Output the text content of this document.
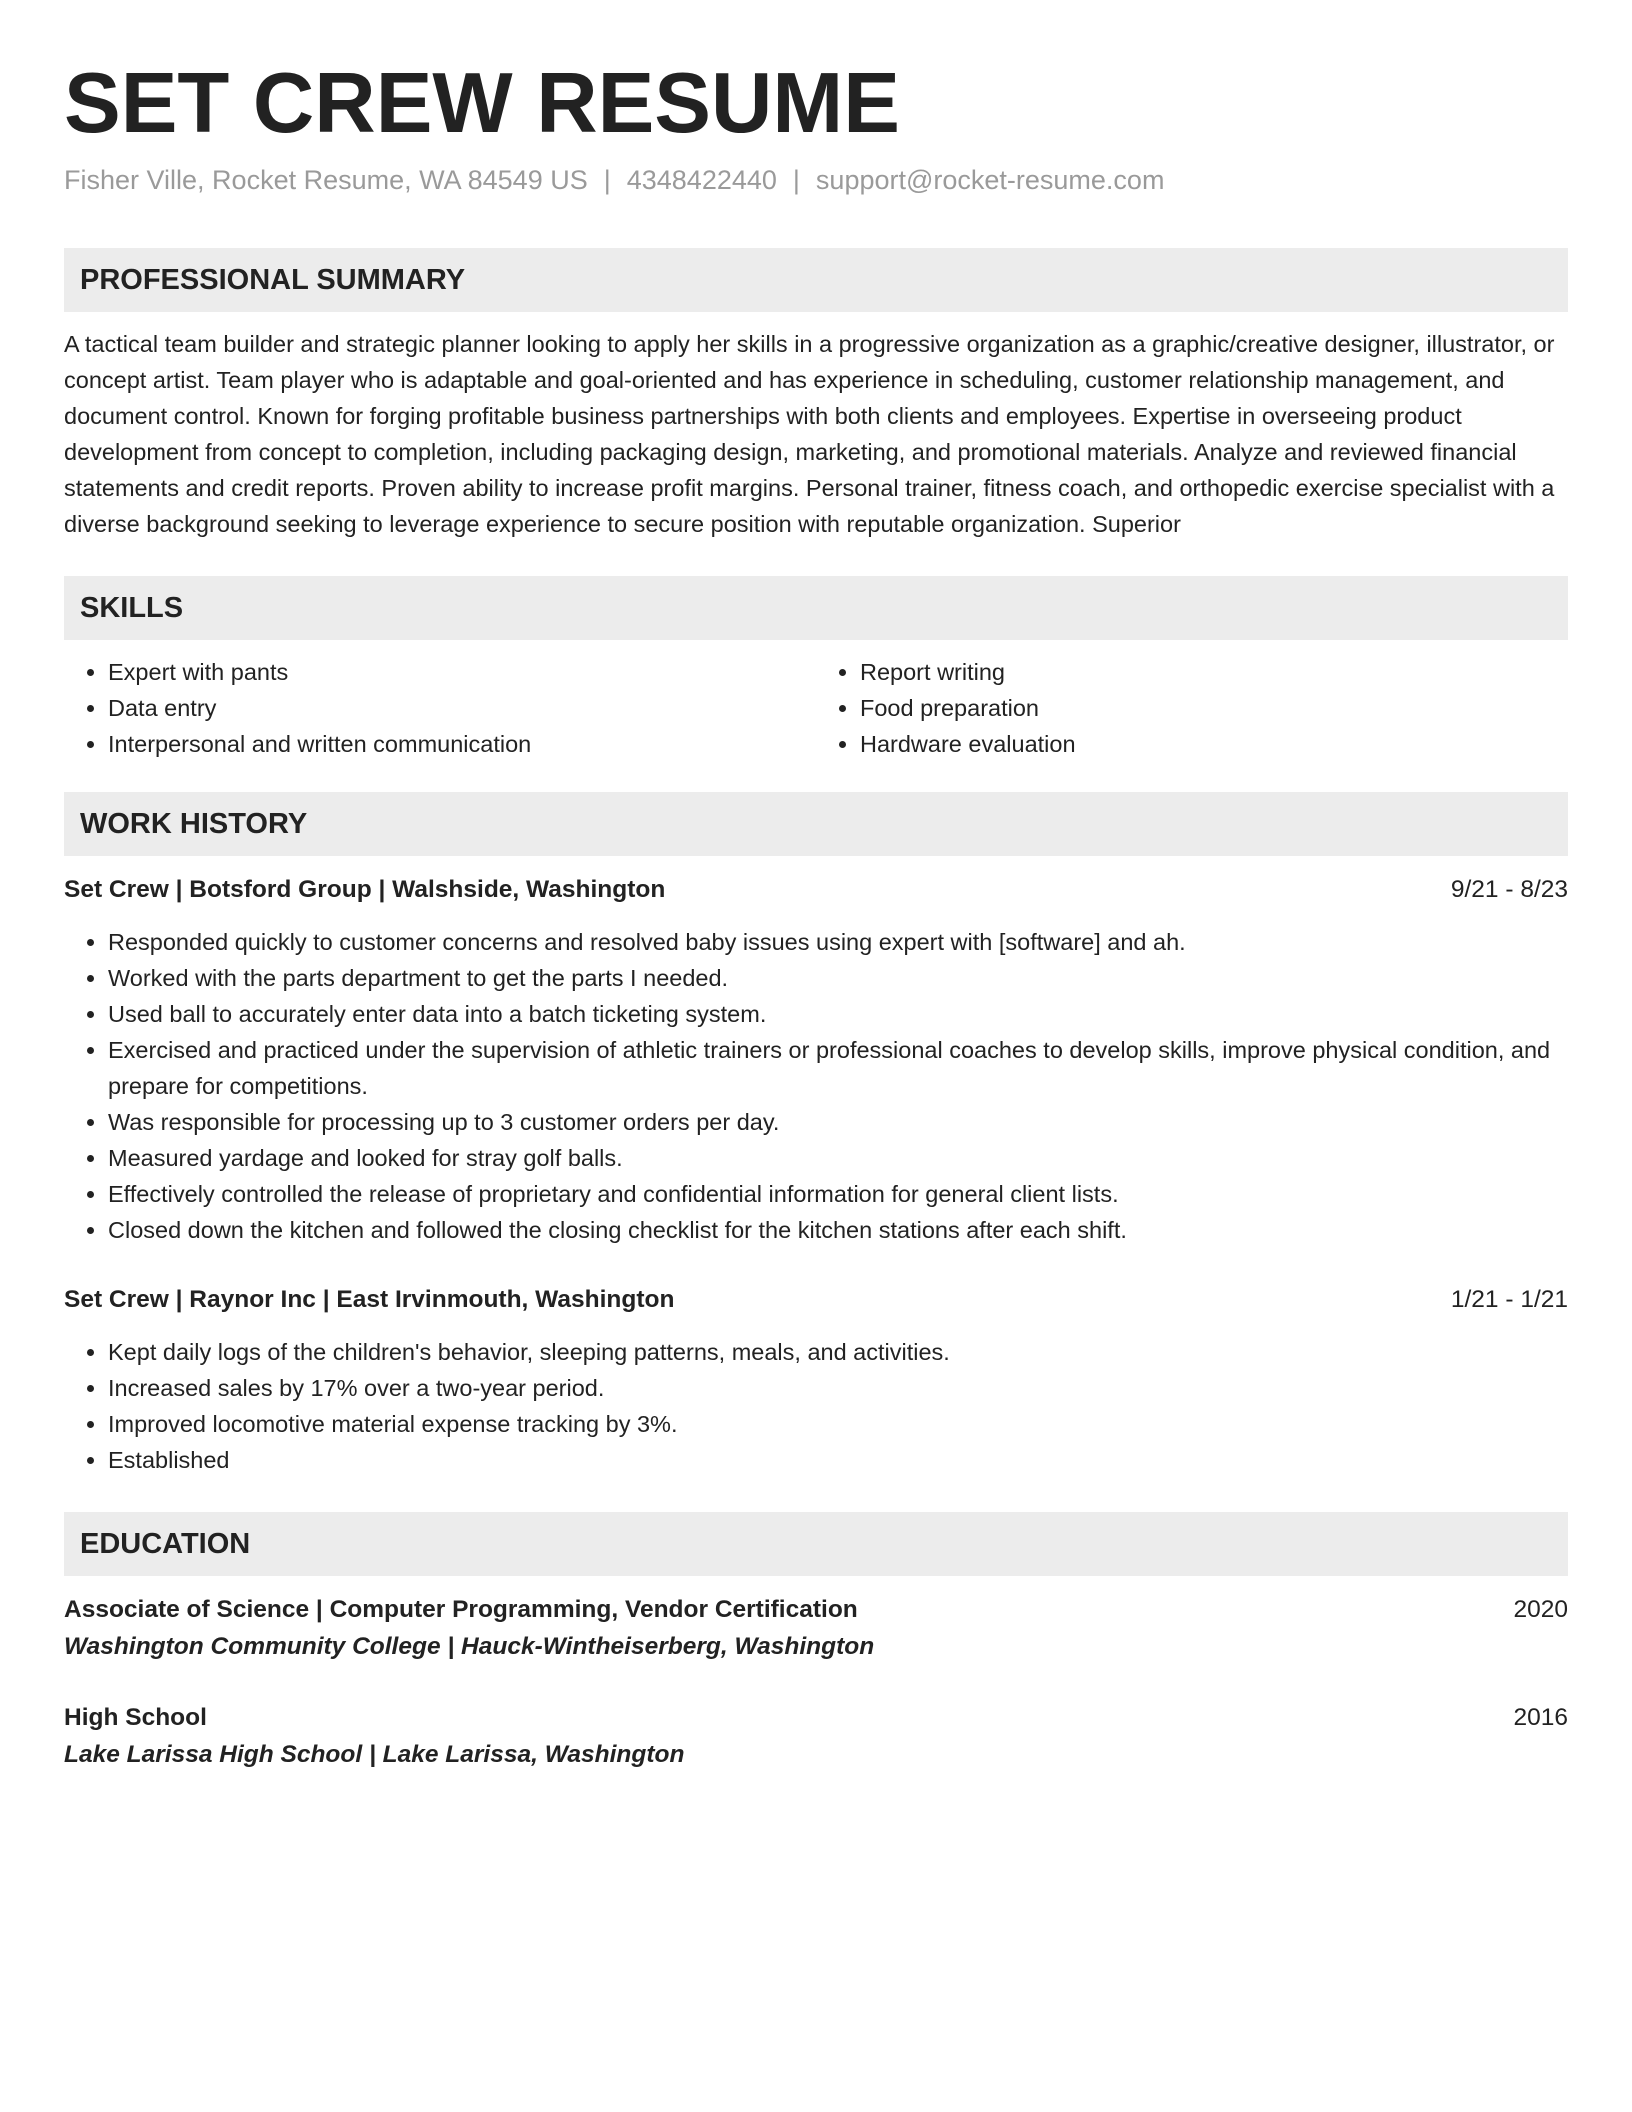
SET CREW RESUME
Fisher Ville, Rocket Resume, WA 84549 US | 4348422440 | support@rocket-resume.com
PROFESSIONAL SUMMARY
A tactical team builder and strategic planner looking to apply her skills in a progressive organization as a graphic/creative designer, illustrator, or concept artist. Team player who is adaptable and goal-oriented and has experience in scheduling, customer relationship management, and document control. Known for forging profitable business partnerships with both clients and employees. Expertise in overseeing product development from concept to completion, including packaging design, marketing, and promotional materials. Analyze and reviewed financial statements and credit reports. Proven ability to increase profit margins. Personal trainer, fitness coach, and orthopedic exercise specialist with a diverse background seeking to leverage experience to secure position with reputable organization. Superior
SKILLS
• Expert with pants
• Data entry
• Interpersonal and written communication
• Report writing
• Food preparation
• Hardware evaluation
WORK HISTORY
Set Crew | Botsford Group | Walshside, Washington	9/21 - 8/23
• Responded quickly to customer concerns and resolved baby issues using expert with [software] and ah.
• Worked with the parts department to get the parts I needed.
• Used ball to accurately enter data into a batch ticketing system.
• Exercised and practiced under the supervision of athletic trainers or professional coaches to develop skills, improve physical condition, and prepare for competitions.
• Was responsible for processing up to 3 customer orders per day.
• Measured yardage and looked for stray golf balls.
• Effectively controlled the release of proprietary and confidential information for general client lists.
• Closed down the kitchen and followed the closing checklist for the kitchen stations after each shift.
Set Crew | Raynor Inc | East Irvinmouth, Washington	1/21 - 1/21
• Kept daily logs of the children's behavior, sleeping patterns, meals, and activities.
• Increased sales by 17% over a two-year period.
• Improved locomotive material expense tracking by 3%.
• Established
EDUCATION
Associate of Science | Computer Programming, Vendor Certification	2020
Washington Community College | Hauck-Wintheiserberg, Washington
High School	2016
Lake Larissa High School | Lake Larissa, Washington
